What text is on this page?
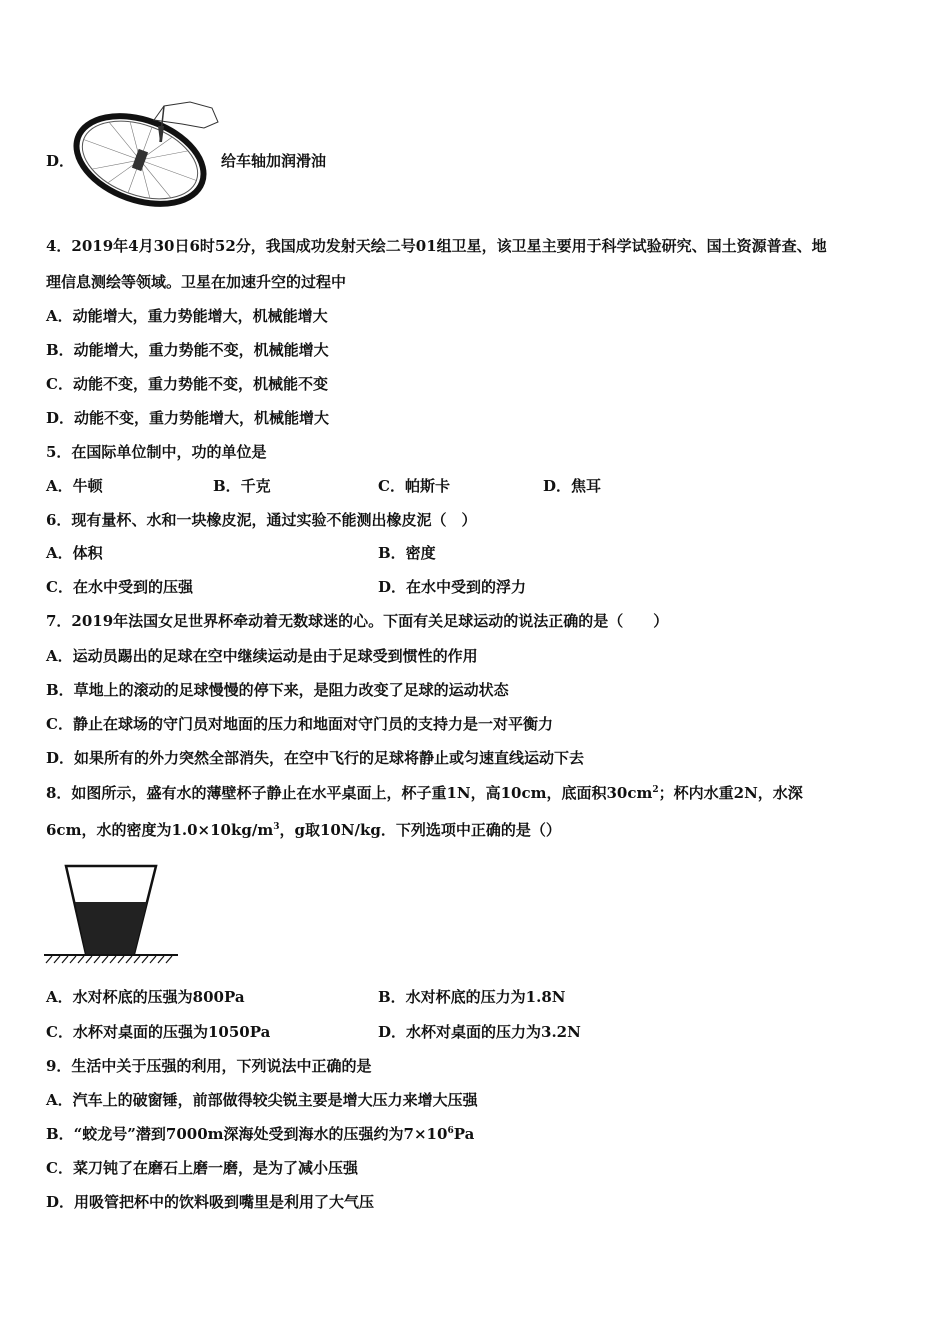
D．	给车轴加润滑油
4．2019年4月30日6时52分，我国成功发射天绘二号01组卫星，该卫星主要用于科学试验研究、国土资源普查、地
理信息测绘等领域。卫星在加速升空的过程中
A．动能增大，重力势能增大，机械能增大
B．动能增大，重力势能不变，机械能增大
C．动能不变，重力势能不变，机械能不变
D．动能不变，重力势能增大，机械能增大
5．在国际单位制中，功的单位是
A．牛顿	B．千克	C．帕斯卡	D．焦耳
6．现有量杯、水和一块橡皮泥，通过实验不能测出橡皮泥（　）
A．体积	B．密度
C．在水中受到的压强	D．在水中受到的浮力
7．2019年法国女足世界杯牵动着无数球迷的心。下面有关足球运动的说法正确的是（　　）
A．运动员踢出的足球在空中继续运动是由于足球受到惯性的作用
B．草地上的滚动的足球慢慢的停下来，是阻力改变了足球的运动状态
C．静止在球场的守门员对地面的压力和地面对守门员的支持力是一对平衡力
D．如果所有的外力突然全部消失，在空中飞行的足球将静止或匀速直线运动下去
8．如图所示，盛有水的薄壁杯子静止在水平桌面上，杯子重1N，高10cm，底面积$30cm^2$；杯内水重2N，水深
6cm，水的密度为$1.0\times 10kg/m^3$，g取10N/kg．下列选项中正确的是（）
A．水对杯底的压强为800Pa	B．水对杯底的压力为1.8N
C．水杯对桌面的压强为1050Pa	D．水杯对桌面的压力为3.2N
9．生活中关于压强的利用，下列说法中正确的是
A．汽车上的破窗锤，前部做得较尖锐主要是增大压力来增大压强
B．“蛟龙号”潜到7000m深海处受到海水的压强约为$7\times 10^6Pa$
C．菜刀钝了在磨石上磨一磨，是为了减小压强
D．用吸管把杯中的饮料吸到嘴里是利用了大气压
